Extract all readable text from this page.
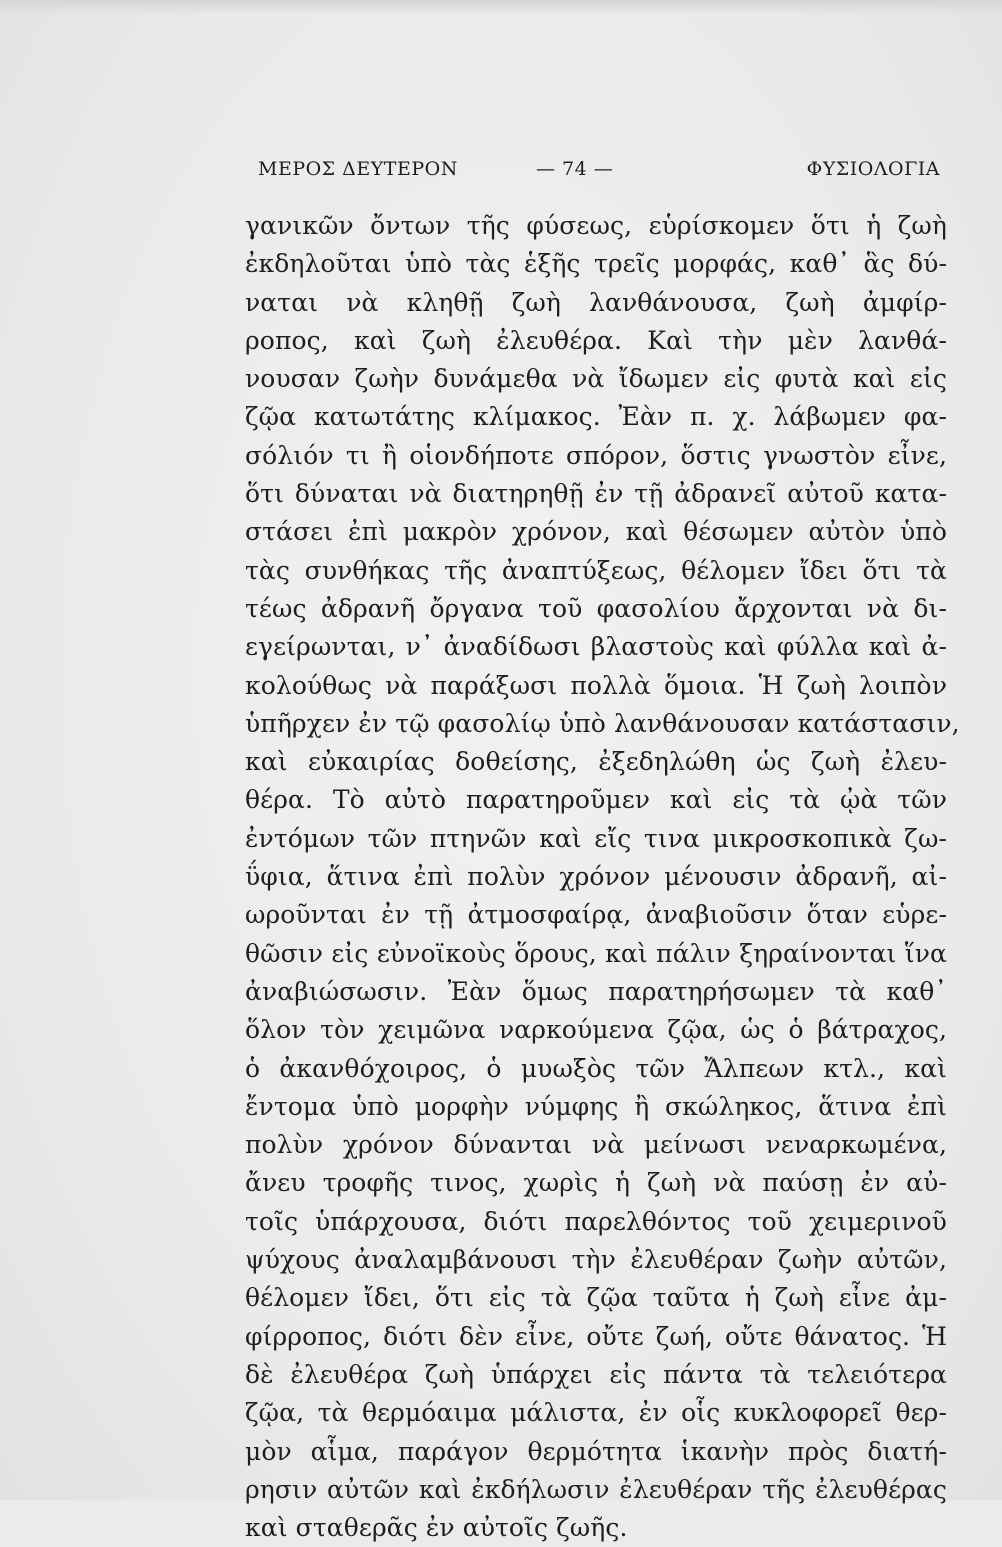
ΜΕΡΟΣ ΔΕΥΤΕΡΟΝ	— 74 —	ΦΥΣΙΟΛΟΓΙΑ
γανικῶν ὄντων τῆς φύσεως, εὑρίσκομεν ὅτι ἡ ζωὴ
ἐκδηλοῦται ὑπὸ τὰς ἑξῆς τρεῖς μορφάς, καθ᾽ ἃς δύ-
ναται νὰ κληθῇ ζωὴ λανθάνουσα, ζωὴ ἀμφίρ-
ροπος, καὶ ζωὴ ἐλευθέρα. Καὶ τὴν μὲν λανθά-
νουσαν ζωὴν δυνάμεθα νὰ ἴδωμεν εἰς φυτὰ καὶ εἰς
ζῷα κατωτάτης κλίμακος. Ἐὰν π. χ. λάβωμεν φα-
σόλιόν τι ἢ οἱονδήποτε σπόρον, ὅστις γνωστὸν εἶνε,
ὅτι δύναται νὰ διατηρηθῇ ἐν τῇ ἀδρανεῖ αὐτοῦ κατα-
στάσει ἐπὶ μακρὸν χρόνον, καὶ θέσωμεν αὐτὸν ὑπὸ
τὰς συνθήκας τῆς ἀναπτύξεως, θέλομεν ἴδει ὅτι τὰ
τέως ἀδρανῆ ὄργανα τοῦ φασολίου ἄρχονται νὰ δι-
εγείρωνται, ν᾽ ἀναδίδωσι βλαστοὺς καὶ φύλλα καὶ ἀ-
κολούθως νὰ παράξωσι πολλὰ ὅμοια. Ἡ ζωὴ λοιπὸν
ὑπῆρχεν ἐν τῷ φασολίῳ ὑπὸ λανθάνουσαν κατάστασιν,
καὶ εὐκαιρίας δοθείσης, ἐξεδηλώθη ὡς ζωὴ ἐλευ-
θέρα. Τὸ αὐτὸ παρατηροῦμεν καὶ εἰς τὰ ᾠὰ τῶν
ἐντόμων τῶν πτηνῶν καὶ εἴς τινα μικροσκοπικὰ ζω-
ΰφια, ἅτινα ἐπὶ πολὺν χρόνον μένουσιν ἀδρανῆ, αἰ-
ωροῦνται ἐν τῇ ἀτμοσφαίρᾳ, ἀναβιοῦσιν ὅταν εὑρε-
θῶσιν εἰς εὐνοϊκοὺς ὅρους, καὶ πάλιν ξηραίνονται ἵνα
ἀναβιώσωσιν. Ἐὰν ὅμως παρατηρήσωμεν τὰ καθ᾽
ὅλον τὸν χειμῶνα ναρκούμενα ζῷα, ὡς ὁ βάτραχος,
ὁ ἀκανθόχοιρος, ὁ μυωξὸς τῶν Ἄλπεων κτλ., καὶ
ἔντομα ὑπὸ μορφὴν νύμφης ἢ σκώληκος, ἅτινα ἐπὶ
πολὺν χρόνον δύνανται νὰ μείνωσι νεναρκωμένα,
ἄνευ τροφῆς τινος, χωρὶς ἡ ζωὴ νὰ παύσῃ ἐν αὐ-
τοῖς ὑπάρχουσα, διότι παρελθόντος τοῦ χειμερινοῦ
ψύχους ἀναλαμβάνουσι τὴν ἐλευθέραν ζωὴν αὐτῶν,
θέλομεν ἴδει, ὅτι εἰς τὰ ζῷα ταῦτα ἡ ζωὴ εἶνε ἀμ-
φίρροπος, διότι δὲν εἶνε, οὔτε ζωή, οὔτε θάνατος. Ἡ
δὲ ἐλευθέρα ζωὴ ὑπάρχει εἰς πάντα τὰ τελειότερα
ζῷα, τὰ θερμόαιμα μάλιστα, ἐν οἷς κυκλοφορεῖ θερ-
μὸν αἷμα, παράγον θερμότητα ἱκανὴν πρὸς διατή-
ρησιν αὐτῶν καὶ ἐκδήλωσιν ἐλευθέραν τῆς ἐλευθέρας
καὶ σταθερᾶς ἐν αὐτοῖς ζωῆς.
